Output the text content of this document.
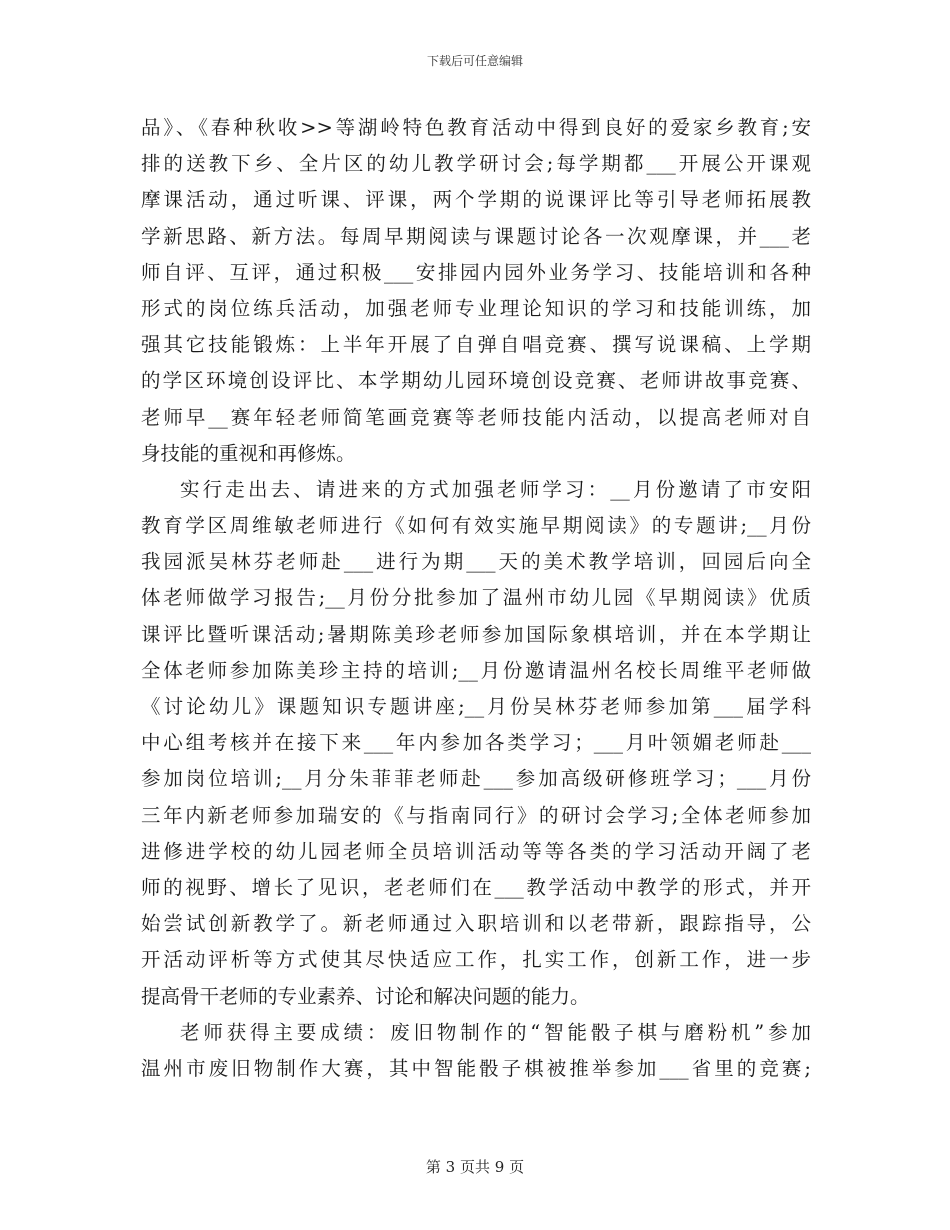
下载后可任意编辑
品》、《春种秋收>>等湖岭特色教育活动中得到良好的爱家乡教育;安
排的送教下乡、全片区的幼儿教学研讨会;每学期都___开展公开课观
摩课活动，通过听课、评课，两个学期的说课评比等引导老师拓展教
学新思路、新方法。每周早期阅读与课题讨论各一次观摩课，并___老
师自评、互评，通过积极___安排园内园外业务学习、技能培训和各种
形式的岗位练兵活动，加强老师专业理论知识的学习和技能训练，加
强其它技能锻炼：上半年开展了自弹自唱竞赛、撰写说课稿、上学期
的学区环境创设评比、本学期幼儿园环境创设竞赛、老师讲故事竞赛、
老师早__赛年轻老师简笔画竞赛等老师技能内活动，以提高老师对自
身技能的重视和再修炼。
实行走出去、请进来的方式加强老师学习：__月份邀请了市安阳
教育学区周维敏老师进行《如何有效实施早期阅读》的专题讲;__月份
我园派吴林芬老师赴___进行为期___天的美术教学培训，回园后向全
体老师做学习报告;__月份分批参加了温州市幼儿园《早期阅读》优质
课评比暨听课活动;暑期陈美珍老师参加国际象棋培训，并在本学期让
全体老师参加陈美珍主持的培训;__月份邀请温州名校长周维平老师做
《讨论幼儿》课题知识专题讲座;__月份吴林芬老师参加第___届学科
中心组考核并在接下来___年内参加各类学习；___月叶领媚老师赴___
参加岗位培训;__月分朱菲菲老师赴___参加高级研修班学习；___月份
三年内新老师参加瑞安的《与指南同行》的研讨会学习;全体老师参加
进修进学校的幼儿园老师全员培训活动等等各类的学习活动开阔了老
师的视野、增长了见识，老老师们在___教学活动中教学的形式，并开
始尝试创新教学了。新老师通过入职培训和以老带新，跟踪指导，公
开活动评析等方式使其尽快适应工作，扎实工作，创新工作，进一步
提高骨干老师的专业素养、讨论和解决问题的能力。
老师获得主要成绩：废旧物制作的“智能骰子棋与磨粉机”参加
温州市废旧物制作大赛，其中智能骰子棋被推举参加___省里的竞赛;
第 3 页共 9 页
